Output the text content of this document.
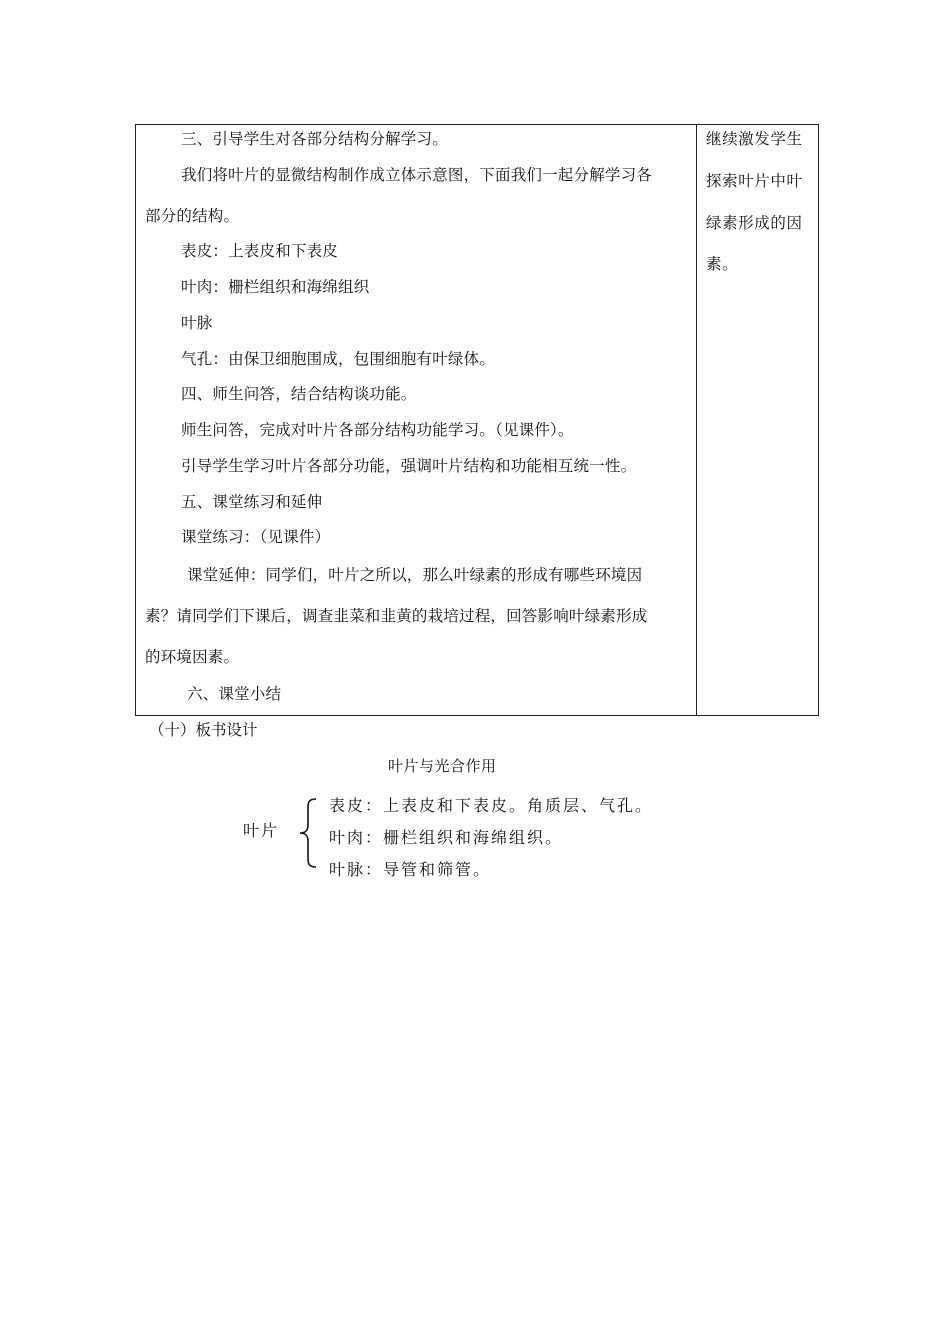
三、引导学生对各部分结构分解学习。
我们将叶片的显微结构制作成立体示意图，下面我们一起分解学习各
部分的结构。
表皮：上表皮和下表皮
叶肉：栅栏组织和海绵组织
叶脉
气孔：由保卫细胞围成，包围细胞有叶绿体。
四、师生问答，结合结构谈功能。
师生问答，完成对叶片各部分结构功能学习。（见课件）。
引导学生学习叶片各部分功能，强调叶片结构和功能相互统一性。
五、课堂练习和延伸
课堂练习：（见课件）
课堂延伸：同学们，叶片之所以，那么叶绿素的形成有哪些环境因
素？请同学们下课后，调查韭菜和韭黄的栽培过程，回答影响叶绿素形成
的环境因素。
六、课堂小结
继续激发学生
探索叶片中叶
绿素形成的因
素。
（十）板书设计
叶片与光合作用
叶片
表皮：上表皮和下表皮。角质层、气孔。
叶肉：栅栏组织和海绵组织。
叶脉：导管和筛管。
